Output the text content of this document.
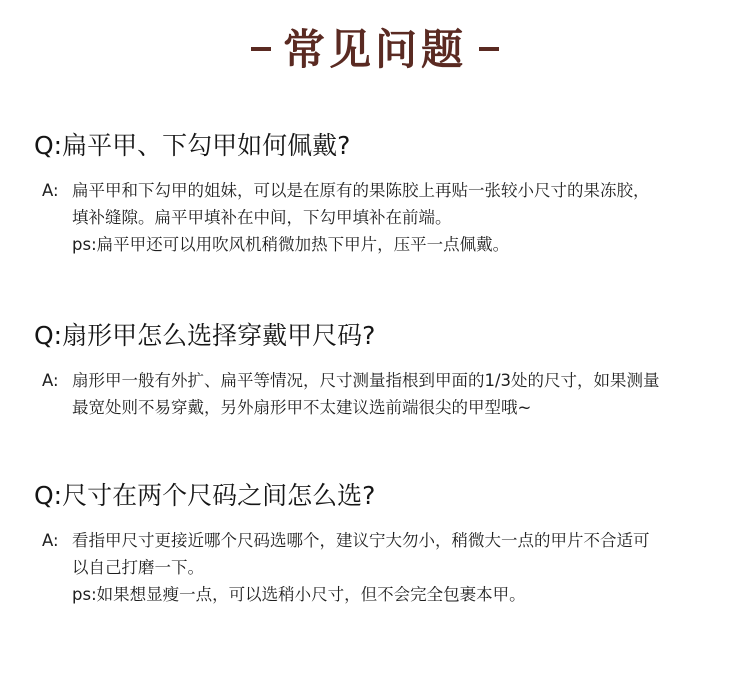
常见问题
Q:扁平甲、下勾甲如何佩戴?
A: 扁平甲和下勾甲的姐妹，可以是在原有的果陈胶上再贴一张较小尺寸的果冻胶，
填补缝隙。扁平甲填补在中间，下勾甲填补在前端。
ps:扁平甲还可以用吹风机稍微加热下甲片，压平一点佩戴。
Q:扇形甲怎么选择穿戴甲尺码?
A: 扇形甲一般有外扩、扁平等情况，尺寸测量指根到甲面的1/3处的尺寸，如果测量
最宽处则不易穿戴，另外扇形甲不太建议选前端很尖的甲型哦~
Q:尺寸在两个尺码之间怎么选?
A: 看指甲尺寸更接近哪个尺码选哪个，建议宁大勿小，稍微大一点的甲片不合适可
以自己打磨一下。
ps:如果想显瘦一点，可以选稍小尺寸，但不会完全包裹本甲。
